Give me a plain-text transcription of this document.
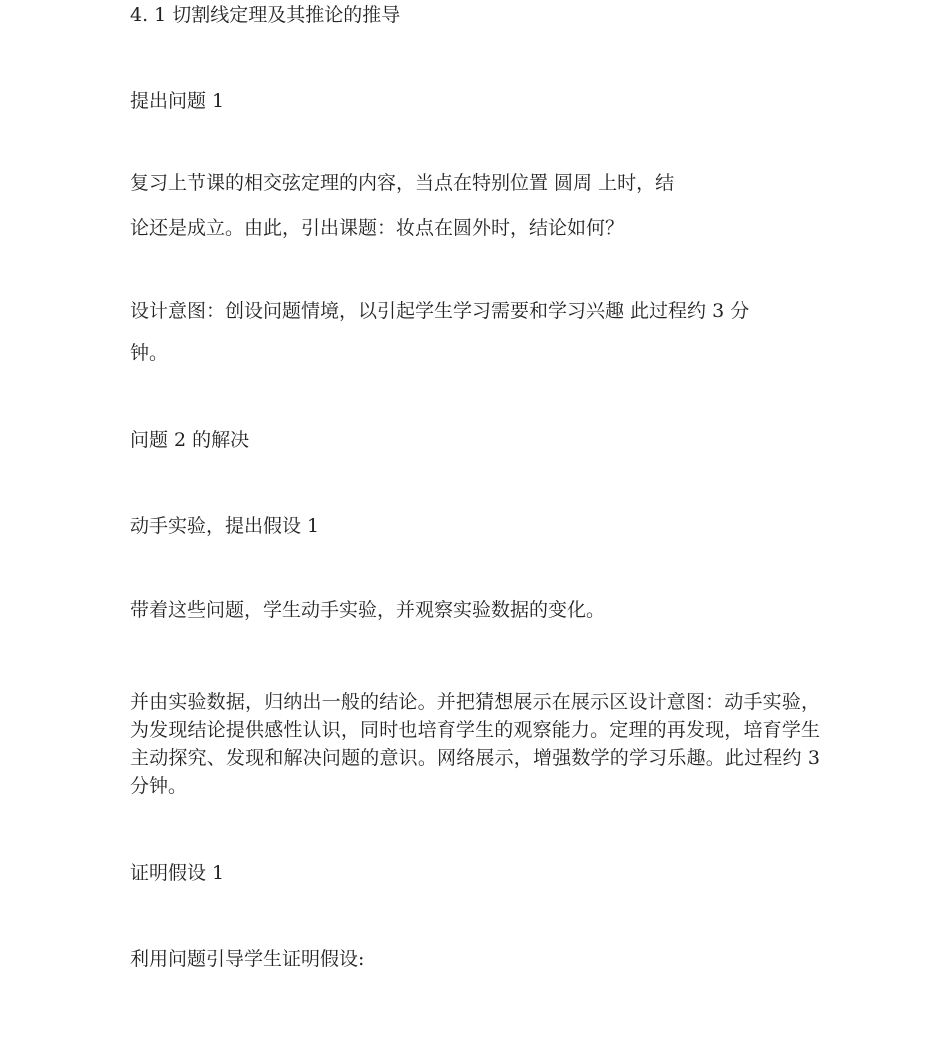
4. 1 切割线定理及其推论的推导
提出问题 1
复习上节课的相交弦定理的内容，当点在特别位置 圆周 上时，结
论还是成立。由此，引出课题：妆点在圆外时，结论如何？
设计意图：创设问题情境，以引起学生学习需要和学习兴趣 此过程约 3 分
钟。
问题 2 的解决
动手实验，提出假设 1
带着这些问题，学生动手实验，并观察实验数据的变化。
并由实验数据，归纳出一般的结论。并把猜想展示在展示区设计意图：动手实验，为发现结论提供感性认识，同时也培育学生的观察能力。定理的再发现，培育学生主动探究、发现和解决问题的意识。网络展示，增强数学的学习乐趣。此过程约 3 分钟。
证明假设 1
利用问题引导学生证明假设:
